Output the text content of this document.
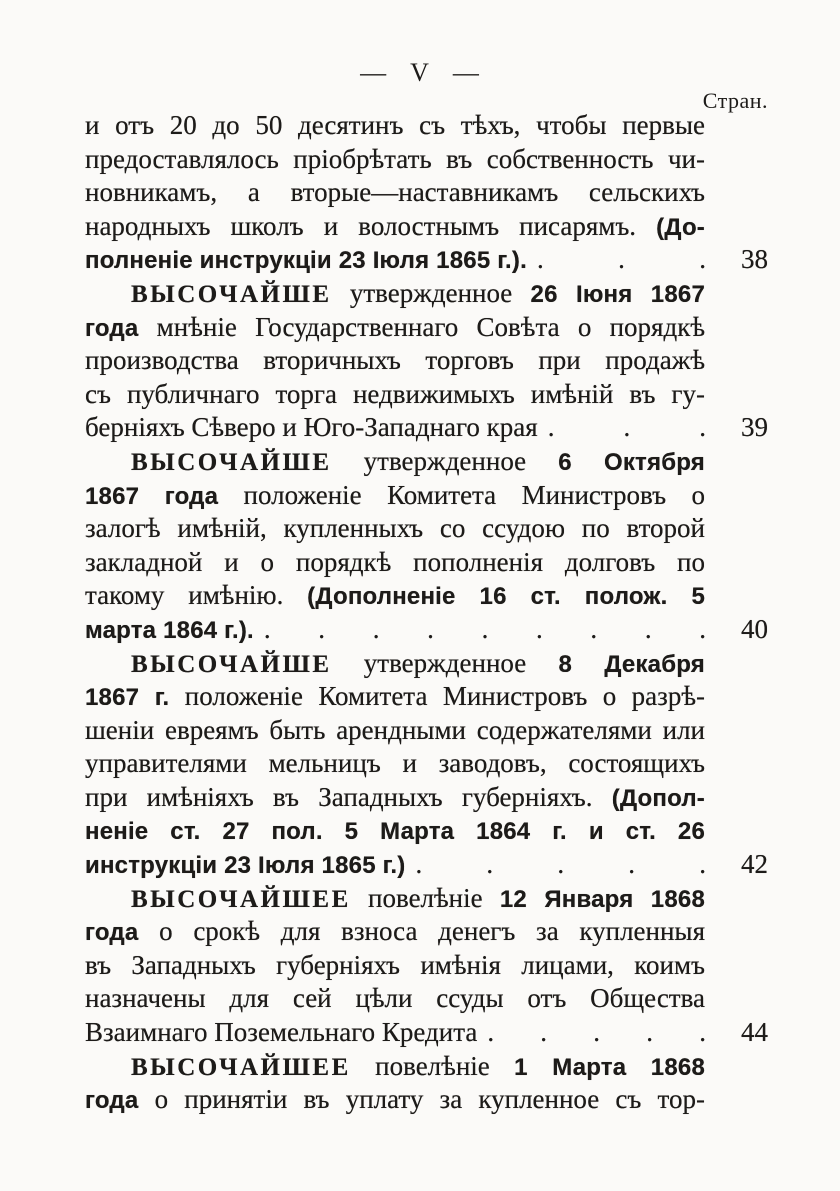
— V —
Стран.
и отъ 20 до 50 десятинъ съ тѣхъ, чтобы первые
предоставлялось пріобрѣтать въ собственность чи-
новникамъ, а вторые—наставникамъ сельскихъ
народныхъ школъ и волостнымъ писарямъ. (До-
полненіе инструкціи 23 Іюля 1865 г.). . . .	38
ВЫСОЧАЙШЕ утвержденное 26 Іюня 1867
года мнѣніе Государственнаго Совѣта о порядкѣ
производства вторичныхъ торговъ при продажѣ
съ публичнаго торга недвижимыхъ имѣній въ гу-
берніяхъ Сѣверо и Юго-Западнаго края . . .	39
ВЫСОЧАЙШЕ утвержденное 6 Октября
1867 года положеніе Комитета Министровъ о
залогѣ имѣній, купленныхъ со ссудою по второй
закладной и о порядкѣ пополненія долговъ по
такому имѣнію. (Дополненіе 16 ст. полож. 5
марта 1864 г.). . . . . . . . . .	40
ВЫСОЧАЙШЕ утвержденное 8 Декабря
1867 г. положеніе Комитета Министровъ о разрѣ-
шеніи евреямъ быть арендными содержателями или
управителями мельницъ и заводовъ, состоящихъ
при имѣніяхъ въ Западныхъ губерніяхъ. (Допол-
неніе ст. 27 пол. 5 Марта 1864 г. и ст. 26
инструкціи 23 Іюля 1865 г.) . . . . .	42
ВЫСОЧАЙШЕЕ повелѣніе 12 Января 1868
года о срокѣ для взноса денегъ за купленныя
въ Западныхъ губерніяхъ имѣнія лицами, коимъ
назначены для сей цѣли ссуды отъ Общества
Взаимнаго Поземельнаго Кредита . . . . .	44
ВЫСОЧАЙШЕЕ повелѣніе 1 Марта 1868
года о принятіи въ уплату за купленное съ тор-
